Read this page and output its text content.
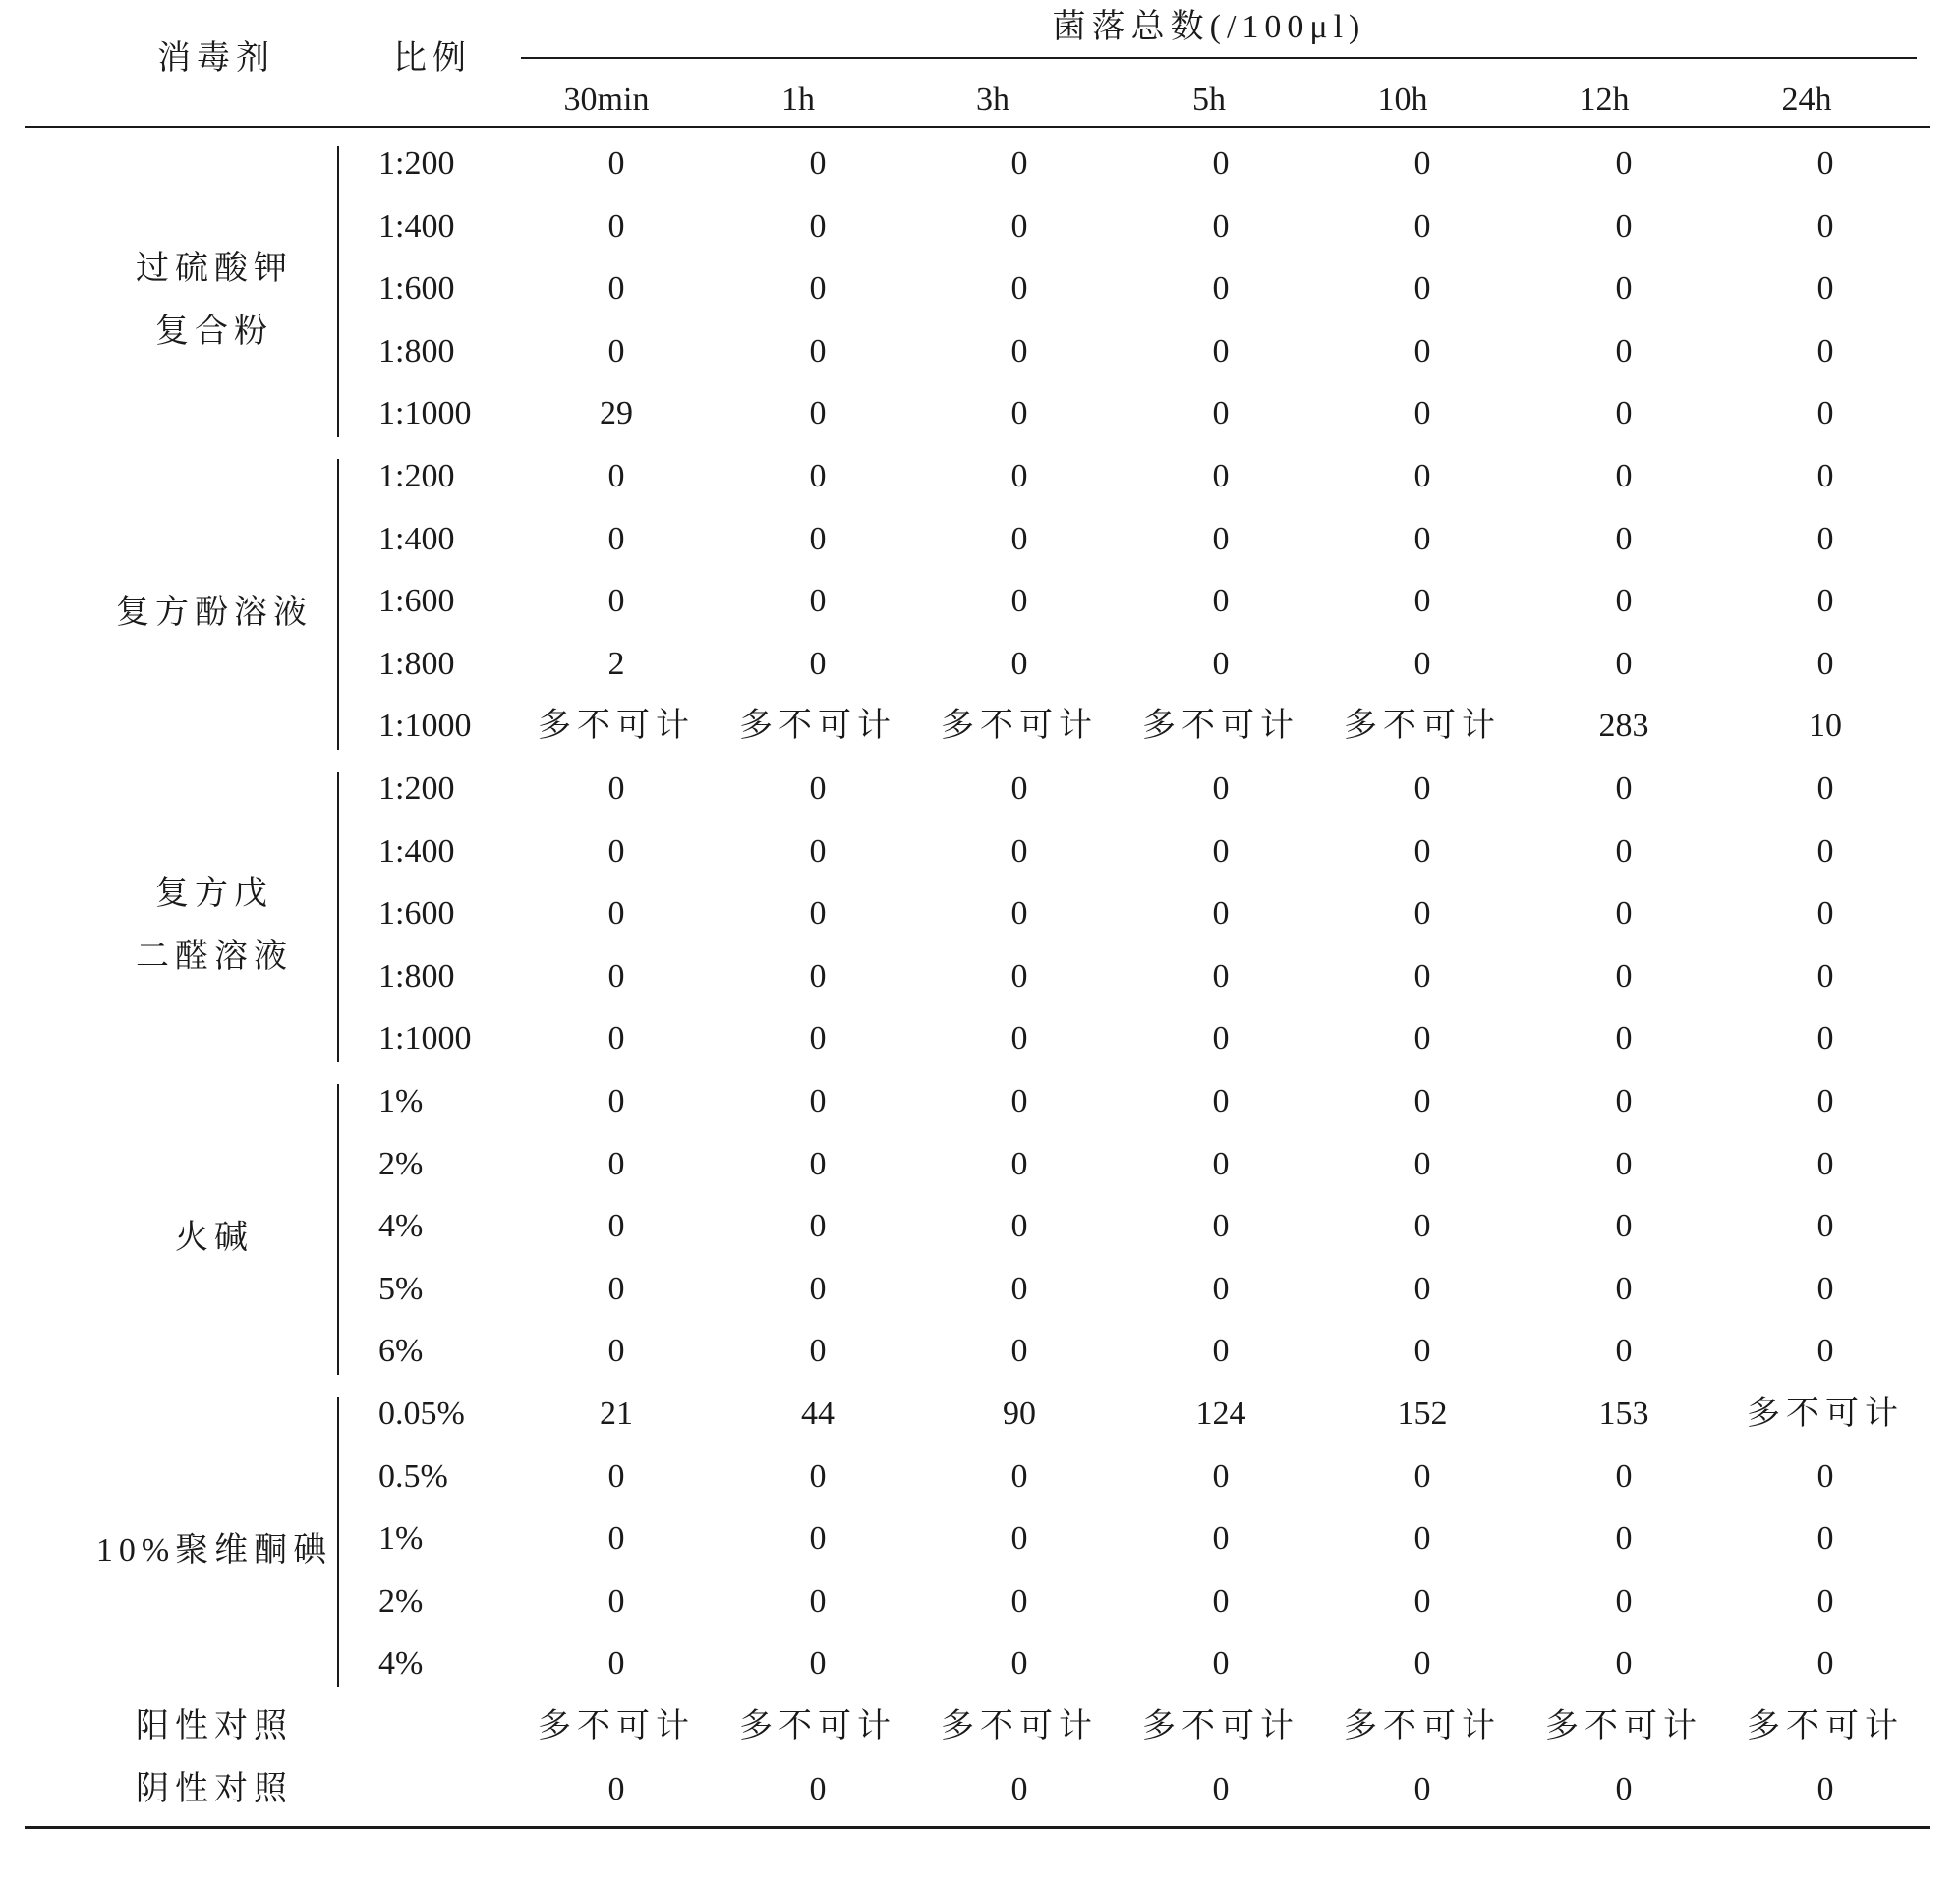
消毒剂	比例
菌落总数(/100μl)
30min	1h	3h	5h	10h	12h	24h
过硫酸钾
复合粉
1:200	0	0	0	0	0	0	0
1:400	0	0	0	0	0	0	0
1:600	0	0	0	0	0	0	0
1:800	0	0	0	0	0	0	0
1:1000	29	0	0	0	0	0	0
复方酚溶液
1:200	0	0	0	0	0	0	0
1:400	0	0	0	0	0	0	0
1:600	0	0	0	0	0	0	0
1:800	2	0	0	0	0	0	0
1:1000 多不可计 多不可计 多不可计 多不可计 多不可计	283	10
复方戊
二醛溶液
1:200	0	0	0	0	0	0	0
1:400	0	0	0	0	0	0	0
1:600	0	0	0	0	0	0	0
1:800	0	0	0	0	0	0	0
1:1000	0	0	0	0	0	0	0
火碱
1%	0	0	0	0	0	0	0
2%	0	0	0	0	0	0	0
4%	0	0	0	0	0	0	0
5%	0	0	0	0	0	0	0
6%	0	0	0	0	0	0	0
10%聚维酮碘
0.05%	21	44	90	124	152	153	多不可计
0.5%	0	0	0	0	0	0	0
1%	0	0	0	0	0	0	0
2%	0	0	0	0	0	0	0
4%	0	0	0	0	0	0	0
阳性对照	多不可计 多不可计 多不可计 多不可计 多不可计 多不可计 多不可计
阴性对照	0	0	0	0	0	0	0
